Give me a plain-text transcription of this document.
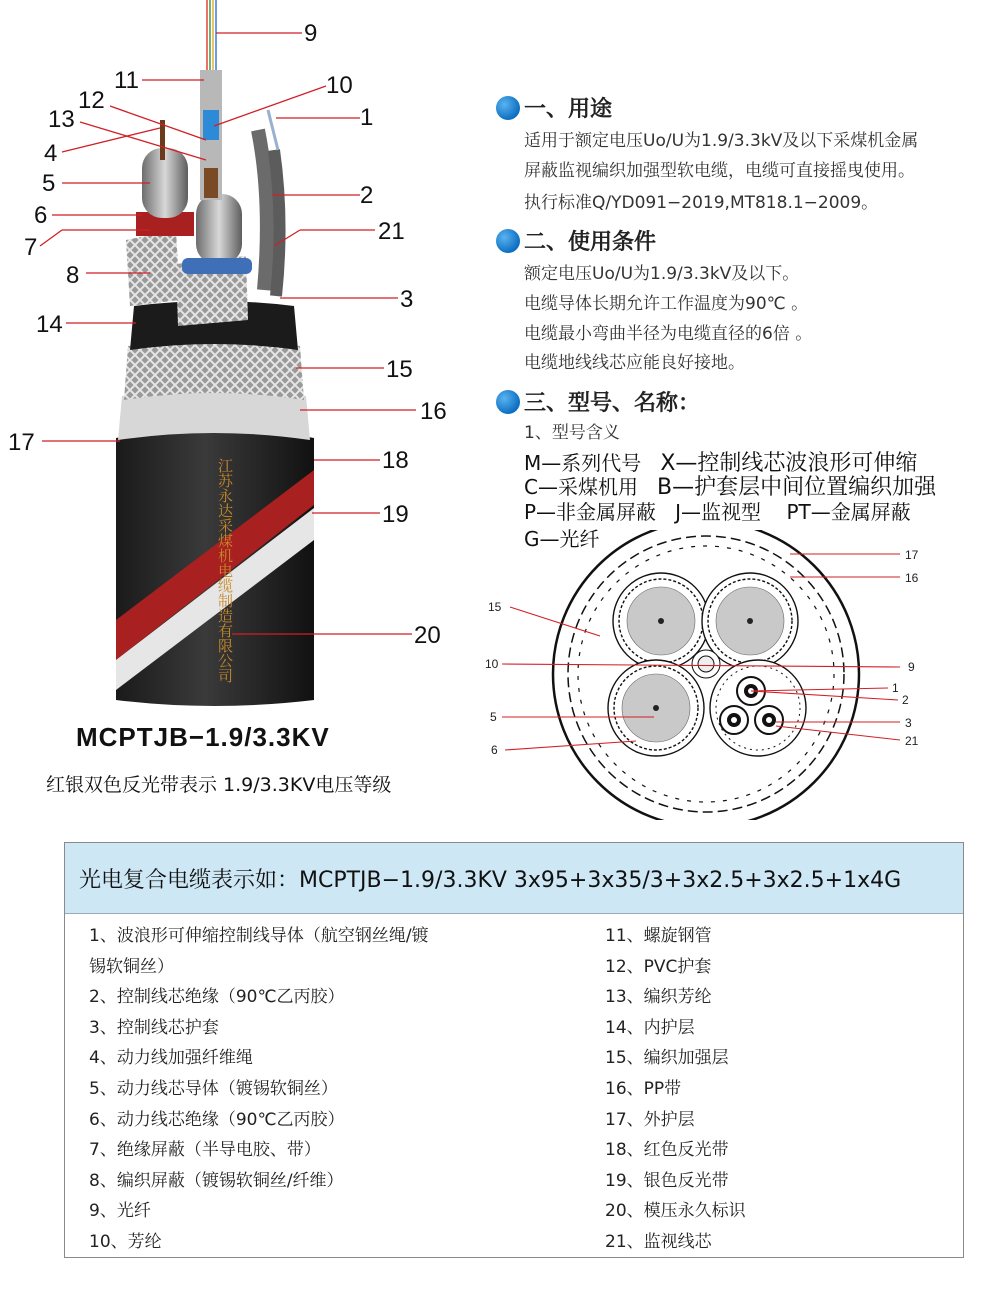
江苏永达采煤机电缆制造有限公司
9
11	10
12
1
13
4
5	2
6
21
7
8
3
14
15
16
17
18
19
20
MCPTJB−1.9/3.3KV
红银双色反光带表示 1.9/3.3KV电压等级
一、用途
适用于额定电压Uo/U为1.9/3.3kV及以下采煤机金属
屏蔽监视编织加强型软电缆，电缆可直接摇曳使用。
执行标准Q/YD091−2019,MT818.1−2009。
二、使用条件
额定电压Uo/U为1.9/3.3kV及以下。
电缆导体长期允许工作温度为90℃ 。
电缆最小弯曲半径为电缆直径的6倍 。
电缆地线线芯应能良好接地。
三、型号、名称：
1、型号含义
M—系列代号 X—控制线芯波浪形可伸缩
C—采煤机用 B—护套层中间位置编织加强
P—非金属屏蔽 J—监视型 PT—金属屏蔽
G—光纤
17
16
15
10	9
1
2
5	3
6
21
光电复合电缆表示如：MCPTJB−1.9/3.3KV 3x95+3x35/3+3x2.5+3x2.5+1x4G
1、波浪形可伸缩控制线导体（航空钢丝绳/镀
锡软铜丝）
2、控制线芯绝缘（90℃乙丙胶）
3、控制线芯护套
4、动力线加强纤维绳
5、动力线芯导体（镀锡软铜丝）
6、动力线芯绝缘（90℃乙丙胶）
7、绝缘屏蔽（半导电胶、带）
8、编织屏蔽（镀锡软铜丝/纤维）
9、光纤
10、芳纶
11、螺旋钢管
12、PVC护套
13、编织芳纶
14、内护层
15、编织加强层
16、PP带
17、外护层
18、红色反光带
19、银色反光带
20、模压永久标识
21、监视线芯
